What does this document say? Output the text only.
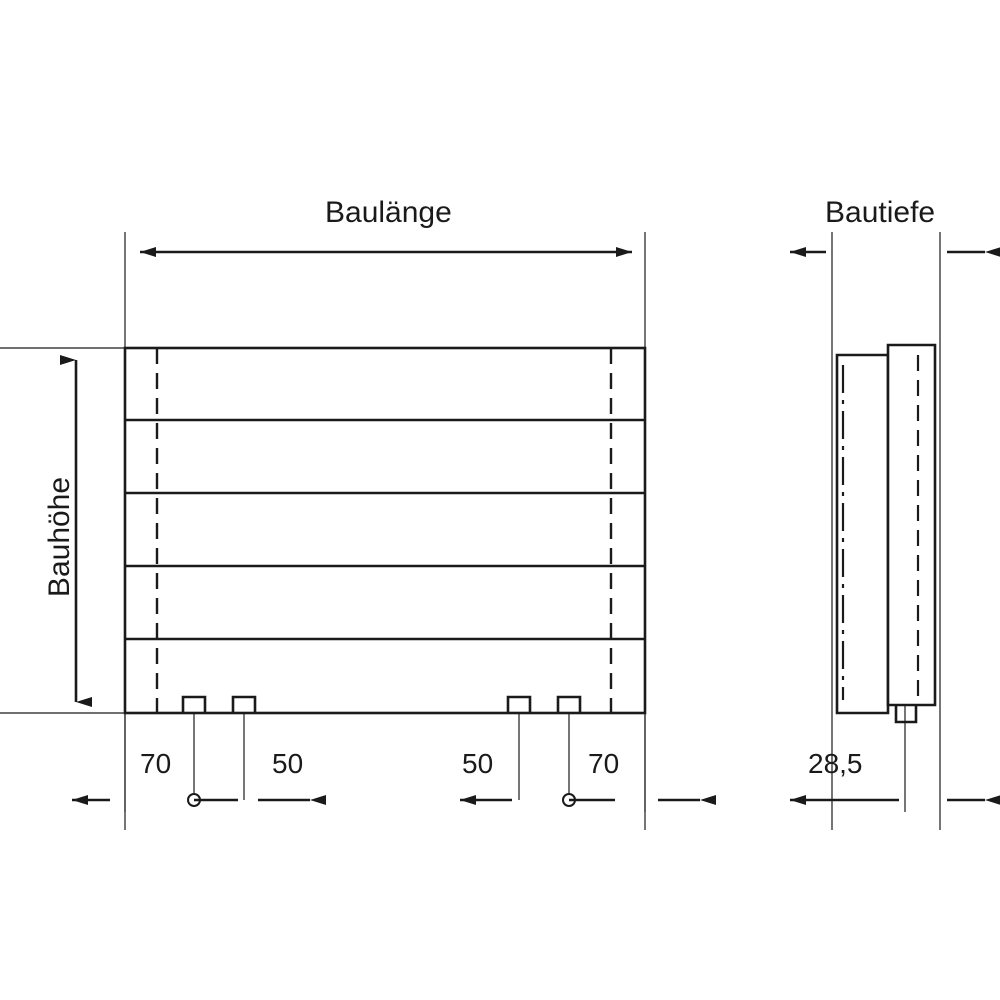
Baulänge
Bauhöhe
Bautiefe
70	50	50	70	28,5
